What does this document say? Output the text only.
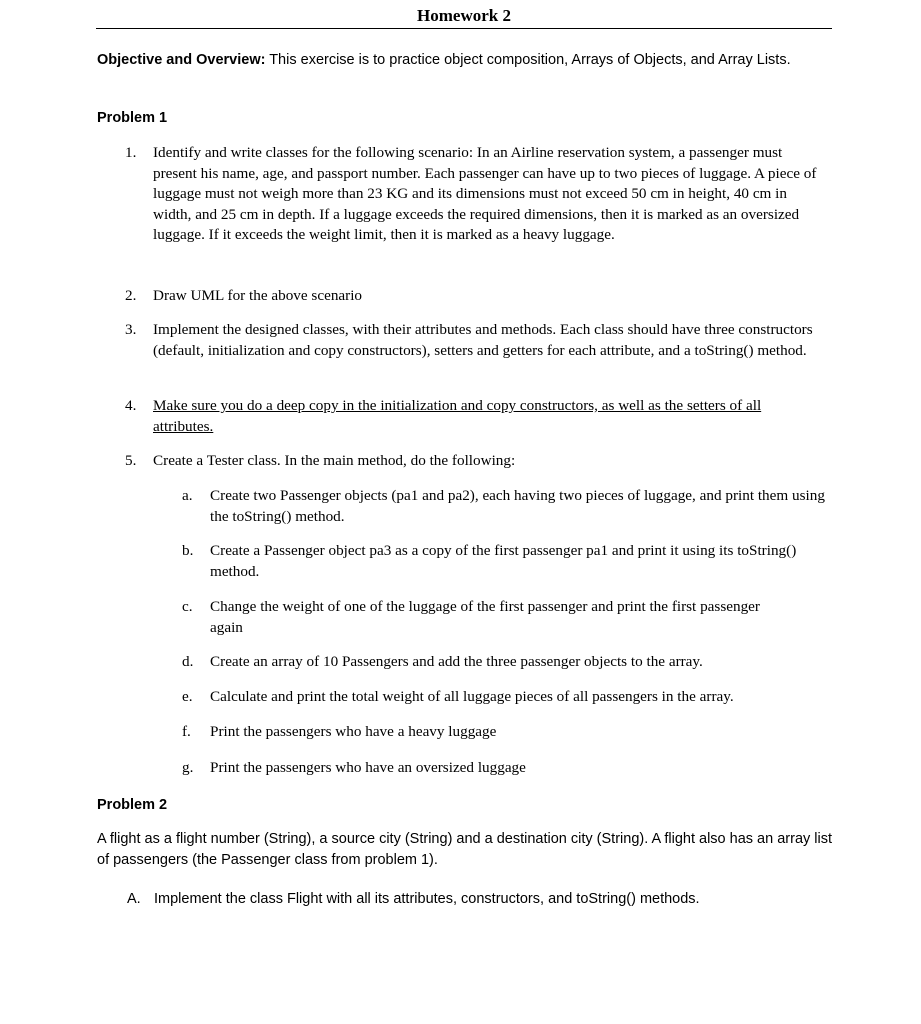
Homework 2
Objective and Overview: This exercise is to practice object composition, Arrays of Objects, and Array Lists.
Problem 1
1. Identify and write classes for the following scenario: In an Airline reservation system, a passenger must present his name, age, and passport number. Each passenger can have up to two pieces of luggage. A piece of luggage must not weigh more than 23 KG and its dimensions must not exceed 50 cm in height, 40 cm in width, and 25 cm in depth. If a luggage exceeds the required dimensions, then it is marked as an oversized luggage. If it exceeds the weight limit, then it is marked as a heavy luggage.
2. Draw UML for the above scenario
3. Implement the designed classes, with their attributes and methods. Each class should have three constructors (default, initialization and copy constructors), setters and getters for each attribute, and a toString() method.
4. Make sure you do a deep copy in the initialization and copy constructors, as well as the setters of all attributes.
5. Create a Tester class. In the main method, do the following:
a. Create two Passenger objects (pa1 and pa2), each having two pieces of luggage, and print them using the toString() method.
b. Create a Passenger object pa3 as a copy of the first passenger pa1 and print it using its toString() method.
c. Change the weight of one of the luggage of the first passenger and print the first passenger again
d. Create an array of 10 Passengers and add the three passenger objects to the array.
e. Calculate and print the total weight of all luggage pieces of all passengers in the array.
f. Print the passengers who have a heavy luggage
g. Print the passengers who have an oversized luggage
Problem 2
A flight as a flight number (String), a source city (String) and a destination city (String). A flight also has an array list of passengers (the Passenger class from problem 1).
A. Implement the class Flight with all its attributes, constructors, and toString() methods.
